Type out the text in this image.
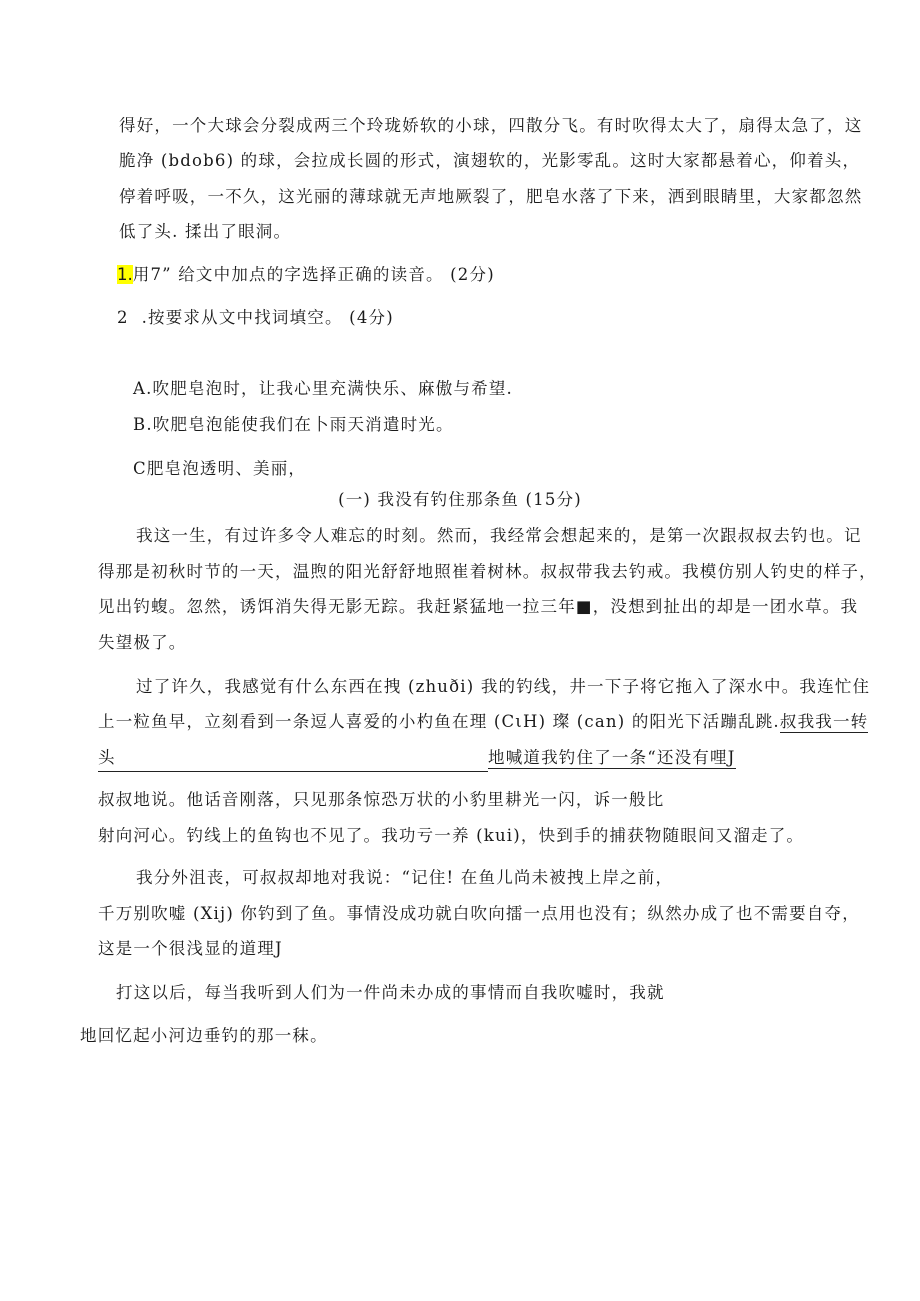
得好，一个大球会分裂成两三个玲珑娇软的小球，四散分飞。有时吹得太大了，扇得太急了，这
脆净 (bdob6) 的球，会拉成长圆的形式，演翅软的，光影零乱。这时大家都悬着心，仰着头，
停着呼吸，一不久，这光丽的薄球就无声地厥裂了，肥皂水落了下来，洒到眼睛里，大家都忽然
低了头. 揉出了眼洞。
1.用7” 给文中加点的字选择正确的读音。 (2分)
2  .按要求从文中找词填空。 (4分)
A.吹肥皂泡时，让我心里充满快乐、麻傲与希望.
B.吹肥皂泡能使我们在卜雨天消遣时光。
C肥皂泡透明、美丽，
(一) 我没有钓住那条鱼 (15分)
我这一生，有过许多令人难忘的时刻。然而，我经常会想起来的，是第一次跟叔叔去钓也。记
得那是初秋时节的一天，温煦的阳光舒舒地照崔着树林。叔叔带我去钓戒。我模仿别人钓史的样子，
见出钓蝮。忽然，诱饵消失得无影无踪。我赶紧猛地一拉三年■，没想到扯出的却是一团水草。我
失望极了。
过了许久，我感觉有什么东西在拽 (zhuði) 我的钓线，井一下子将它拖入了深水中。我连忙住
上一粒鱼早，立刻看到一条逗人喜爱的小杓鱼在理 (CιH) 璨 (can) 的阳光下活蹦乱跳.叔我我一转
头	地喊道我钓住了一条“还没有哩J
叔叔地说。他话音刚落，只见那条惊恐万状的小豹里耕光一闪，诉一般比
射向河心。钓线上的鱼钩也不见了。我功亏一养 (kui)，快到手的捕获物随眼间又溜走了。
我分外沮丧，可叔叔却地对我说：“记住! 在鱼儿尚未被拽上岸之前，
千万别吹嘘 (Xij) 你钓到了鱼。事情没成功就白吹向擂一点用也没有；纵然办成了也不需要自夺，
这是一个很浅显的道理J
打这以后，每当我听到人们为一件尚未办成的事情而自我吹嘘时，我就
地回忆起小河边垂钓的那一秣。
